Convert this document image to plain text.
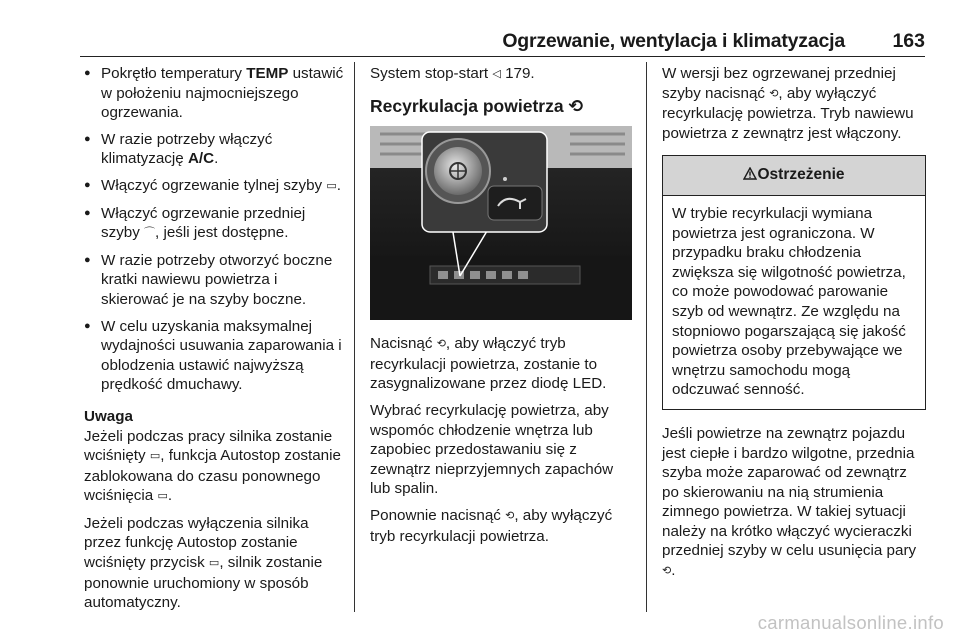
Ogrzewanie, wentylacja i klimatyzacja 163
● Pokrętło temperatury TEMP ustawić w położeniu najmocniejszego ogrzewania.
● W razie potrzeby włączyć klimatyzację A/C.
● Włączyć ogrzewanie tylnej szyby ▭.
● Włączyć ogrzewanie przedniej szyby ⌒, jeśli jest dostępne.
● W razie potrzeby otworzyć boczne kratki nawiewu powietrza i skierować je na szyby boczne.
● W celu uzyskania maksymalnej wydajności usuwania zaparowania i oblodzenia ustawić najwyższą prędkość dmuchawy.
Uwaga

Jeżeli podczas pracy silnika zostanie wciśnięty ▭, funkcja Autostop zostanie zablokowana do czasu ponownego wciśnięcia ▭.

Jeżeli podczas wyłączenia silnika przez funkcję Autostop zostanie wciśnięty przycisk ▭, silnik zostanie ponownie uruchomiony w sposób automatyczny.

System stop-start ◁ 179.

Recyrkulacja powietrza ⟲

Nacisnąć ⟲, aby włączyć tryb recyrkulacji powietrza, zostanie to zasygnalizowane przez diodę LED.

Wybrać recyrkulację powietrza, aby wspomóc chłodzenie wnętrza lub zapobiec przedostawaniu się z zewnątrz nieprzyjemnych zapachów lub spalin.

Ponownie nacisnąć ⟲, aby wyłączyć tryb recyrkulacji powietrza.

W wersji bez ogrzewanej przedniej szyby nacisnąć ⟲, aby wyłączyć recyrkulację powietrza. Tryb nawiewu powietrza z zewnątrz jest włączony.

Ostrzeżenie
W trybie recyrkulacji wymiana powietrza jest ograniczona. W przypadku braku chłodzenia zwiększa się wilgotność powietrza, co może powodować parowanie szyb od wewnątrz. Ze względu na stopniowo pogarszającą się jakość powietrza osoby przebywające we wnętrzu samochodu mogą odczuwać senność.

Jeśli powietrze na zewnątrz pojazdu jest ciepłe i bardzo wilgotne, przednia szyba może zaparować od zewnątrz po skierowaniu na nią strumienia zimnego powietrza. W takiej sytuacji należy na krótko włączyć wycieraczki przedniej szyby w celu usunięcia pary ⟲.

carmanualsonline.info
